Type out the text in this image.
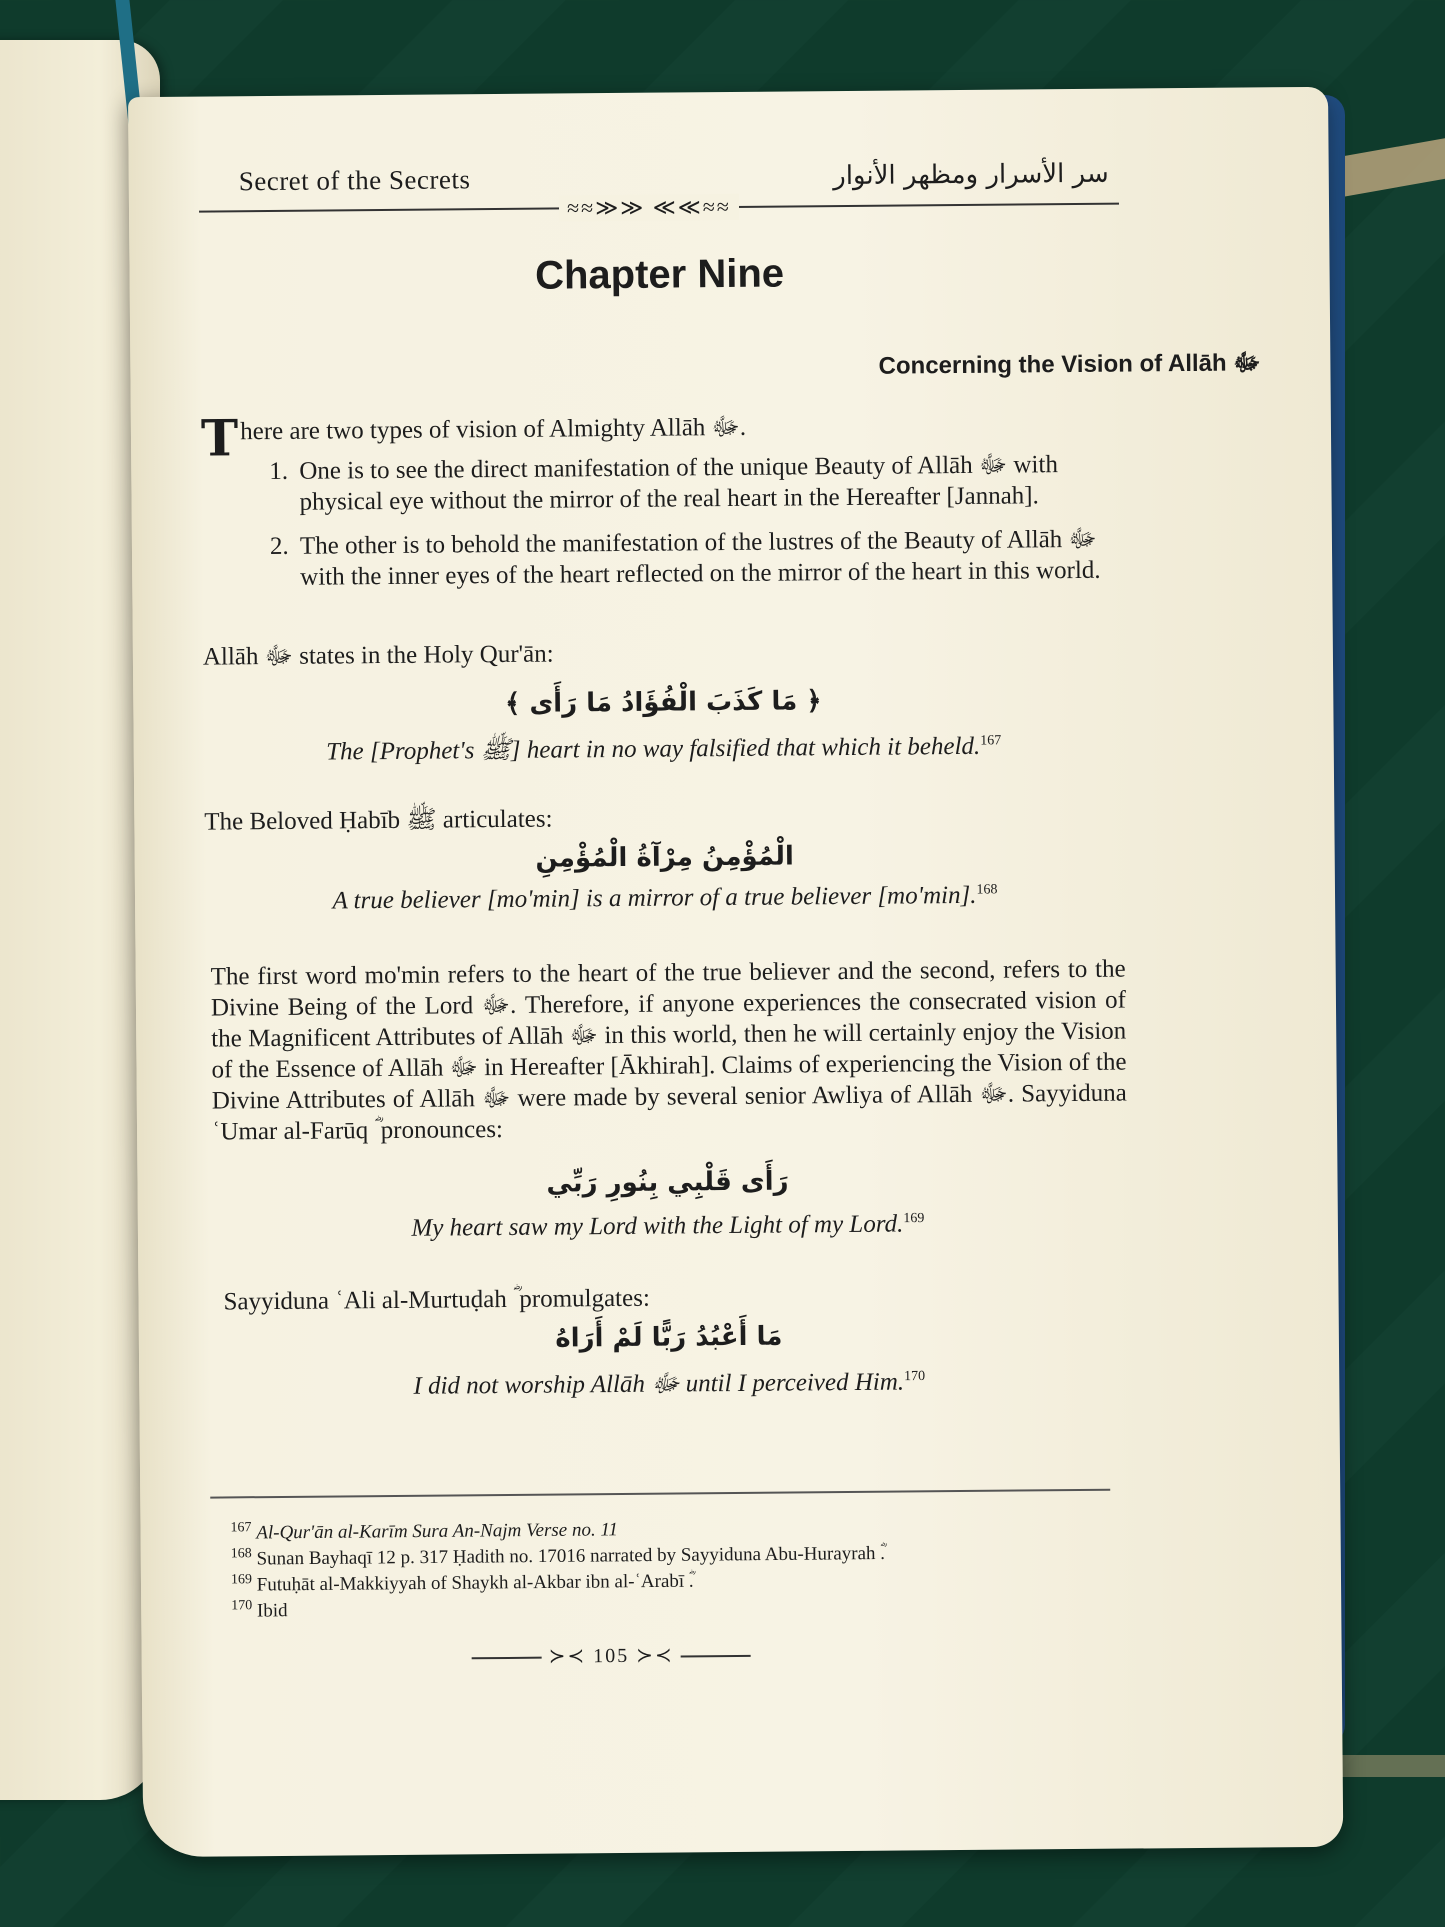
Secret of the Secrets	سر الأسرار ومظهر الأنوار
≈≈≫≫ ≪≪≈≈
Chapter Nine
Concerning the Vision of Allāh ﷻ
T here are two types of vision of Almighty Allāh ﷻ.
1. One is to see the direct manifestation of the unique Beauty of Allāh ﷻ with physical eye without the mirror of the real heart in the Hereafter [Jannah].
2. The other is to behold the manifestation of the lustres of the Beauty of Allāh ﷻ with the inner eyes of the heart reflected on the mirror of the heart in this world.
Allāh ﷻ states in the Holy Qur'ān:
﴿ مَا كَذَبَ الْفُؤَادُ مَا رَأَى ﴾
The [Prophet's ﷺ] heart in no way falsified that which it beheld.$^{167}$
The Beloved Ḥabīb ﷺ articulates:
الْمُؤْمِنُ مِرْآةُ الْمُؤْمِنِ
A true believer [mo'min] is a mirror of a true believer [mo'min].$^{168}$
The first word mo'min refers to the heart of the true believer and the second, refers to the Divine Being of the Lord ﷻ. Therefore, if anyone experiences the consecrated vision of the Magnificent Attributes of Allāh ﷻ in this world, then he will certainly enjoy the Vision of the Essence of Allāh ﷻ in Hereafter [Ākhirah]. Claims of experiencing the Vision of the Divine Attributes of Allāh ﷻ were made by several senior Awliya of Allāh ﷻ. Sayyiduna ʿUmar al-Farūq ؓ pronounces:
رَأَى قَلْبِي بِنُورِ رَبِّي
My heart saw my Lord with the Light of my Lord.$^{169}$
Sayyiduna ʿAli al-Murtuḍah ؓ promulgates:
مَا أَعْبُدُ رَبًّا لَمْ أَرَاهُ
I did not worship Allāh ﷻ until I perceived Him.$^{170}$
$^{167}$ Al-Qur'ān al-Karīm Sura An-Najm Verse no. 11
$^{168}$ Sunan Bayhaqī 12 p. 317 Ḥadith no. 17016 narrated by Sayyiduna Abu-Hurayrah ؓ.
$^{169}$ Futuḥāt al-Makkiyyah of Shaykh al-Akbar ibn al-ʿArabī ؓ.
$^{170}$ Ibid
≻≺ 105 ≻≺
